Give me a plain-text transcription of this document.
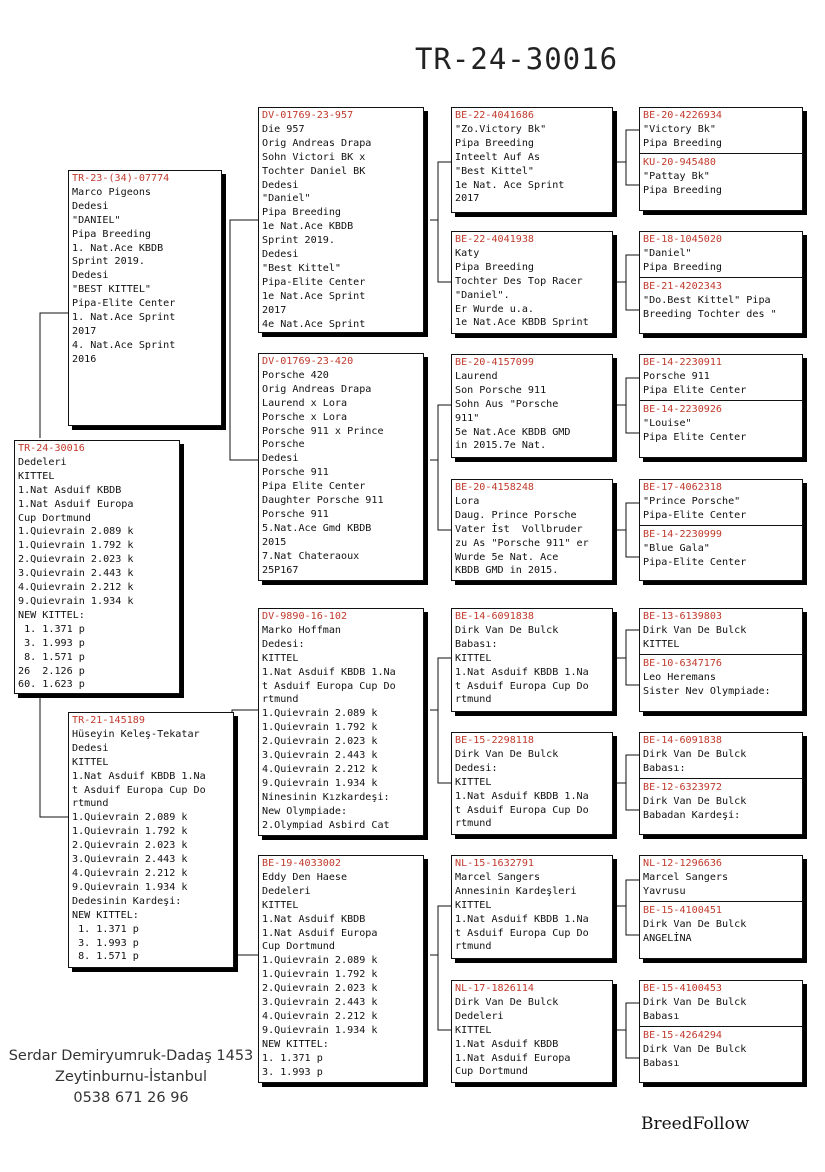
TR-24-30016
TR-24-30016
Dedeleri
KITTEL
1.Nat Asduif KBDB
1.Nat Asduif Europa
Cup Dortmund
1.Quievrain 2.089 k
1.Quievrain 1.792 k
2.Quievrain 2.023 k
3.Quievrain 2.443 k
4.Quievrain 2.212 k
9.Quievrain 1.934 k
NEW KITTEL:
1. 1.371 p
3. 1.993 p
8. 1.571 p
26  2.126 p
60. 1.623 p
TR-23-(34)-07774
Marco Pigeons
Dedesi
"DANIEL"
Pipa Breeding
1. Nat.Ace KBDB
Sprint 2019.
Dedesi
"BEST KITTEL"
Pipa-Elite Center
1. Nat.Ace Sprint
2017
4. Nat.Ace Sprint
2016
TR-21-145189
Hüseyin Keleş-Tekatar
Dedesi
KITTEL
1.Nat Asduif KBDB 1.Na
t Asduif Europa Cup Do
rtmund
1.Quievrain 2.089 k
1.Quievrain 1.792 k
2.Quievrain 2.023 k
3.Quievrain 2.443 k
4.Quievrain 2.212 k
9.Quievrain 1.934 k
Dedesinin Kardeşi:
NEW KITTEL:
1. 1.371 p
3. 1.993 p
8. 1.571 p
DV-01769-23-957
Die 957
Orig Andreas Drapa
Sohn Victori BK x
Tochter Daniel BK
Dedesi
"Daniel"
Pipa Breeding
1e Nat.Ace KBDB
Sprint 2019.
Dedesi
"Best Kittel"
Pipa-Elite Center
1e Nat.Ace Sprint
2017
4e Nat.Ace Sprint
DV-01769-23-420
Porsche 420
Orig Andreas Drapa
Laurend x Lora
Porsche x Lora
Porsche 911 x Prince
Porsche
Dedesi
Porsche 911
Pipa Elite Center
Daughter Porsche 911
Porsche 911
5.Nat.Ace Gmd KBDB
2015
7.Nat Chateraoux
25P167
DV-9890-16-102
Marko Hoffman
Dedesi:
KITTEL
1.Nat Asduif KBDB 1.Na
t Asduif Europa Cup Do
rtmund
1.Quievrain 2.089 k
1.Quievrain 1.792 k
2.Quievrain 2.023 k
3.Quievrain 2.443 k
4.Quievrain 2.212 k
9.Quievrain 1.934 k
Ninesinin Kızkardeşi:
New Olympiade:
2.Olympiad Asbird Cat
BE-19-4033002
Eddy Den Haese
Dedeleri
KITTEL
1.Nat Asduif KBDB
1.Nat Asduif Europa
Cup Dortmund
1.Quievrain 2.089 k
1.Quievrain 1.792 k
2.Quievrain 2.023 k
3.Quievrain 2.443 k
4.Quievrain 2.212 k
9.Quievrain 1.934 k
NEW KITTEL:
1. 1.371 p
3. 1.993 p
BE-22-4041686
"Zo.Victory Bk"
Pipa Breeding
Inteelt Auf As
"Best Kittel"
1e Nat. Ace Sprint
2017
BE-22-4041938
Katy
Pipa Breeding
Tochter Des Top Racer
"Daniel".
Er Wurde u.a.
1e Nat.Ace KBDB Sprint
BE-20-4157099
Laurend
Son Porsche 911
Sohn Aus "Porsche
911"
5e Nat.Ace KBDB GMD
in 2015.7e Nat.
BE-20-4158248
Lora
Daug. Prince Porsche
Vater İst  Vollbruder
zu As "Porsche 911" er
Wurde 5e Nat. Ace
KBDB GMD in 2015.
BE-14-6091838
Dirk Van De Bulck
Babası:
KITTEL
1.Nat Asduif KBDB 1.Na
t Asduif Europa Cup Do
rtmund
BE-15-2298118
Dirk Van De Bulck
Dedesi:
KITTEL
1.Nat Asduif KBDB 1.Na
t Asduif Europa Cup Do
rtmund
NL-15-1632791
Marcel Sangers
Annesinin Kardeşleri
KITTEL
1.Nat Asduif KBDB 1.Na
t Asduif Europa Cup Do
rtmund
NL-17-1826114
Dirk Van De Bulck
Dedeleri
KITTEL
1.Nat Asduif KBDB
1.Nat Asduif Europa
Cup Dortmund
BE-20-4226934
"Victory Bk"
Pipa Breeding
KU-20-945480
"Pattay Bk"
Pipa Breeding
BE-18-1045020
"Daniel"
Pipa Breeding
BE-21-4202343
"Do.Best Kittel" Pipa
Breeding Tochter des "
BE-14-2230911
Porsche 911
Pipa Elite Center
BE-14-2230926
"Louise"
Pipa Elite Center
BE-17-4062318
"Prince Porsche"
Pipa-Elite Center
BE-14-2230999
"Blue Gala"
Pipa-Elite Center
BE-13-6139803
Dirk Van De Bulck
KITTEL
BE-10-6347176
Leo Heremans
Sister Nev Olympiade:
BE-14-6091838
Dirk Van De Bulck
Babası:
BE-12-6323972
Dirk Van De Bulck
Babadan Kardeşi:
NL-12-1296636
Marcel Sangers
Yavrusu
BE-15-4100451
Dirk Van De Bulck
ANGELİNA
BE-15-4100453
Dirk Van De Bulck
Babası
BE-15-4264294
Dirk Van De Bulck
Babası
Serdar Demiryumruk-Dadaş 1453
Zeytinburnu-İstanbul
0538 671 26 96
BreedFollow
